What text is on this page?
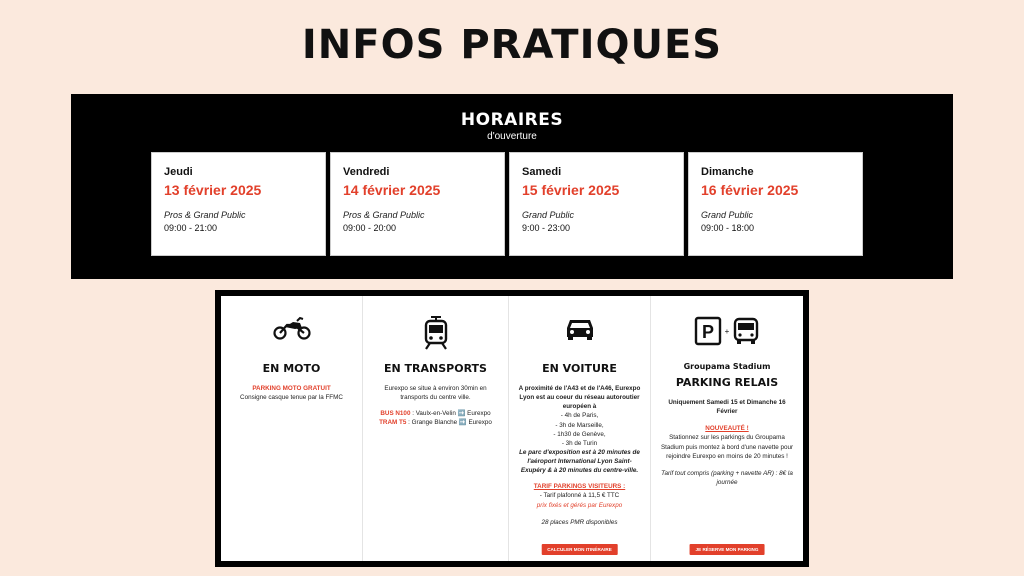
INFOS PRATIQUES
HORAIRES
d'ouverture
Jeudi
13 février 2025
Pros & Grand Public
09:00 - 21:00
Vendredi
14 février 2025
Pros & Grand Public
09:00 - 20:00
Samedi
15 février 2025
Grand Public
9:00 - 23:00
Dimanche
16 février 2025
Grand Public
09:00 - 18:00
EN MOTO
PARKING MOTO GRATUIT
Consigne casque tenue par la FFMC
EN TRANSPORTS
Eurexpo se situe à environ 30min en transports du centre ville.
BUS N100 : Vaulx-en-Velin ➡️ Eurexpo
TRAM T5 : Grange Blanche ➡️ Eurexpo
EN VOITURE
A proximité de l'A43 et de l'A46, Eurexpo Lyon est au coeur du réseau autoroutier européen à
- 4h de Paris,
- 3h de Marseille,
- 1h30 de Genève,
- 3h de Turin
Le parc d'exposition est à 20 minutes de l'aéroport International Lyon Saint-Exupéry & à 20 minutes du centre-ville.
TARIF PARKINGS VISITEURS :
- Tarif plafonné à 11,5 € TTC
prix fixés et gérés par Eurexpo
28 places PMR disponibles
CALCULER MON ITINÉRAIRE
P +
Groupama Stadium
PARKING RELAIS
Uniquement Samedi 15 et Dimanche 16 Février
NOUVEAUTÉ !
Stationnez sur les parkings du Groupama Stadium puis montez à bord d'une navette pour rejoindre Eurexpo en moins de 20 minutes !
Tarif tout compris (parking + navette AR) : 8€ la journée
JE RÉSERVE MON PARKING
